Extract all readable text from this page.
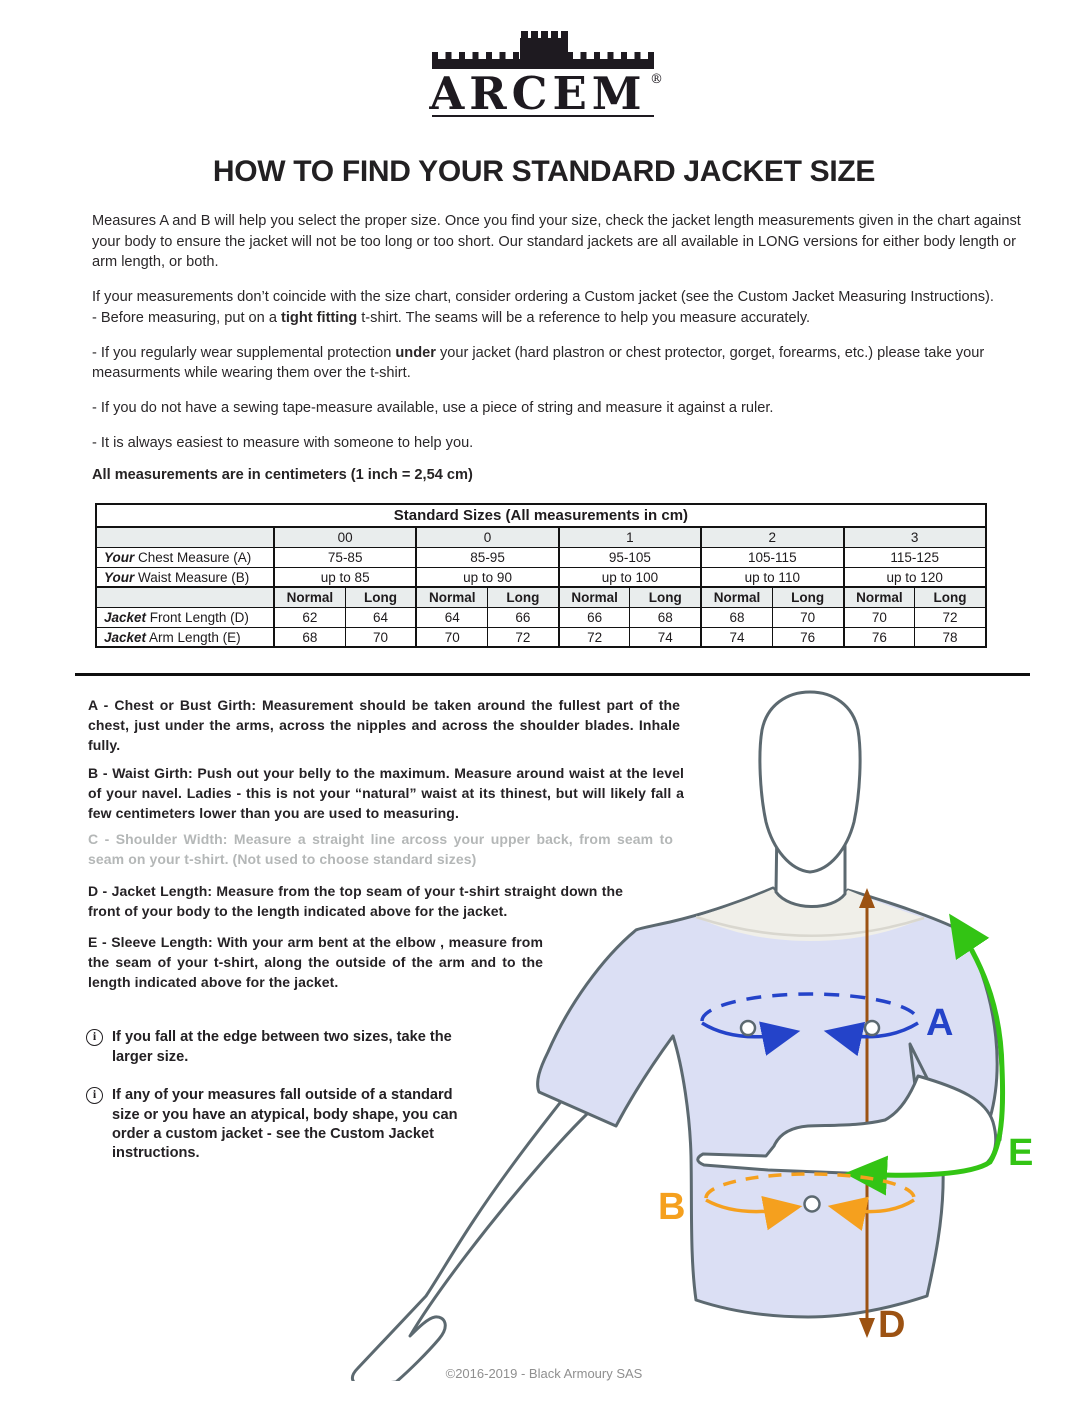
ARCEM ®
HOW TO FIND YOUR STANDARD JACKET SIZE

Measures A and B will help you select the proper size. Once you find your size, check the jacket length measurements given in the chart against your body to ensure the jacket will not be too long or too short. Our standard jackets are all available in LONG versions for either body length or arm length, or both.

If your measurements don’t coincide with the size chart, consider ordering a Custom jacket (see the Custom Jacket Measuring Instructions).
- Before measuring, put on a tight fitting t-shirt. The seams will be a reference to help you measure accurately.

- If you regularly wear supplemental protection under your jacket (hard plastron or chest protector, gorget, forearms, etc.) please take your measurments while wearing them over the t-shirt.

- If you do not have a sewing tape-measure available, use a piece of string and measure it against a ruler.

- It is always easiest to measure with someone to help you.

All measurements are in centimeters (1 inch = 2,54 cm)
Standard Sizes (All measurements in cm)										
	00		0		1		2		3	
Your Chest Measure (A)	75-85		85-95		95-105		105-115		115-125	
Your Waist Measure (B)	up to 85		up to 90		up to 100		up to 110		up to 120	
	Normal	Long	Normal	Long	Normal	Long	Normal	Long	Normal	Long
Jacket Front Length (D)	62	64	64	66	66	68	68	70	70	72
Jacket Arm Length (E)	68	70	70	72	72	74	74	76	76	78
A - Chest or Bust Girth: Measurement should be taken around the fullest part of the chest, just under the arms, across the nipples and across the shoulder blades. Inhale fully.
B - Waist Girth: Push out your belly to the maximum. Measure around waist at the level of your navel. Ladies - this is not your “natural” waist at its thinest, but will likely fall a few centimeters lower than you are used to measuring.
C - Shoulder Width: Measure a straight line arcoss your upper back, from seam to seam on your t-shirt. (Not used to choose standard sizes)
D - Jacket Length: Measure from the top seam of your t-shirt straight down the front of your body to the length indicated above for the jacket.
E - Sleeve Length: With your arm bent at the elbow , measure from the seam of your t-shirt, along the outside of the arm and to the length indicated above for the jacket.
i	If you fall at the edge between two sizes, take the larger size.
i	If any of your measures fall outside of a standard size or you have an atypical, body shape, you can order a custom jacket - see the Custom Jacket instructions.
A
B
D
E
©2016-2019 - Black Armoury SAS
